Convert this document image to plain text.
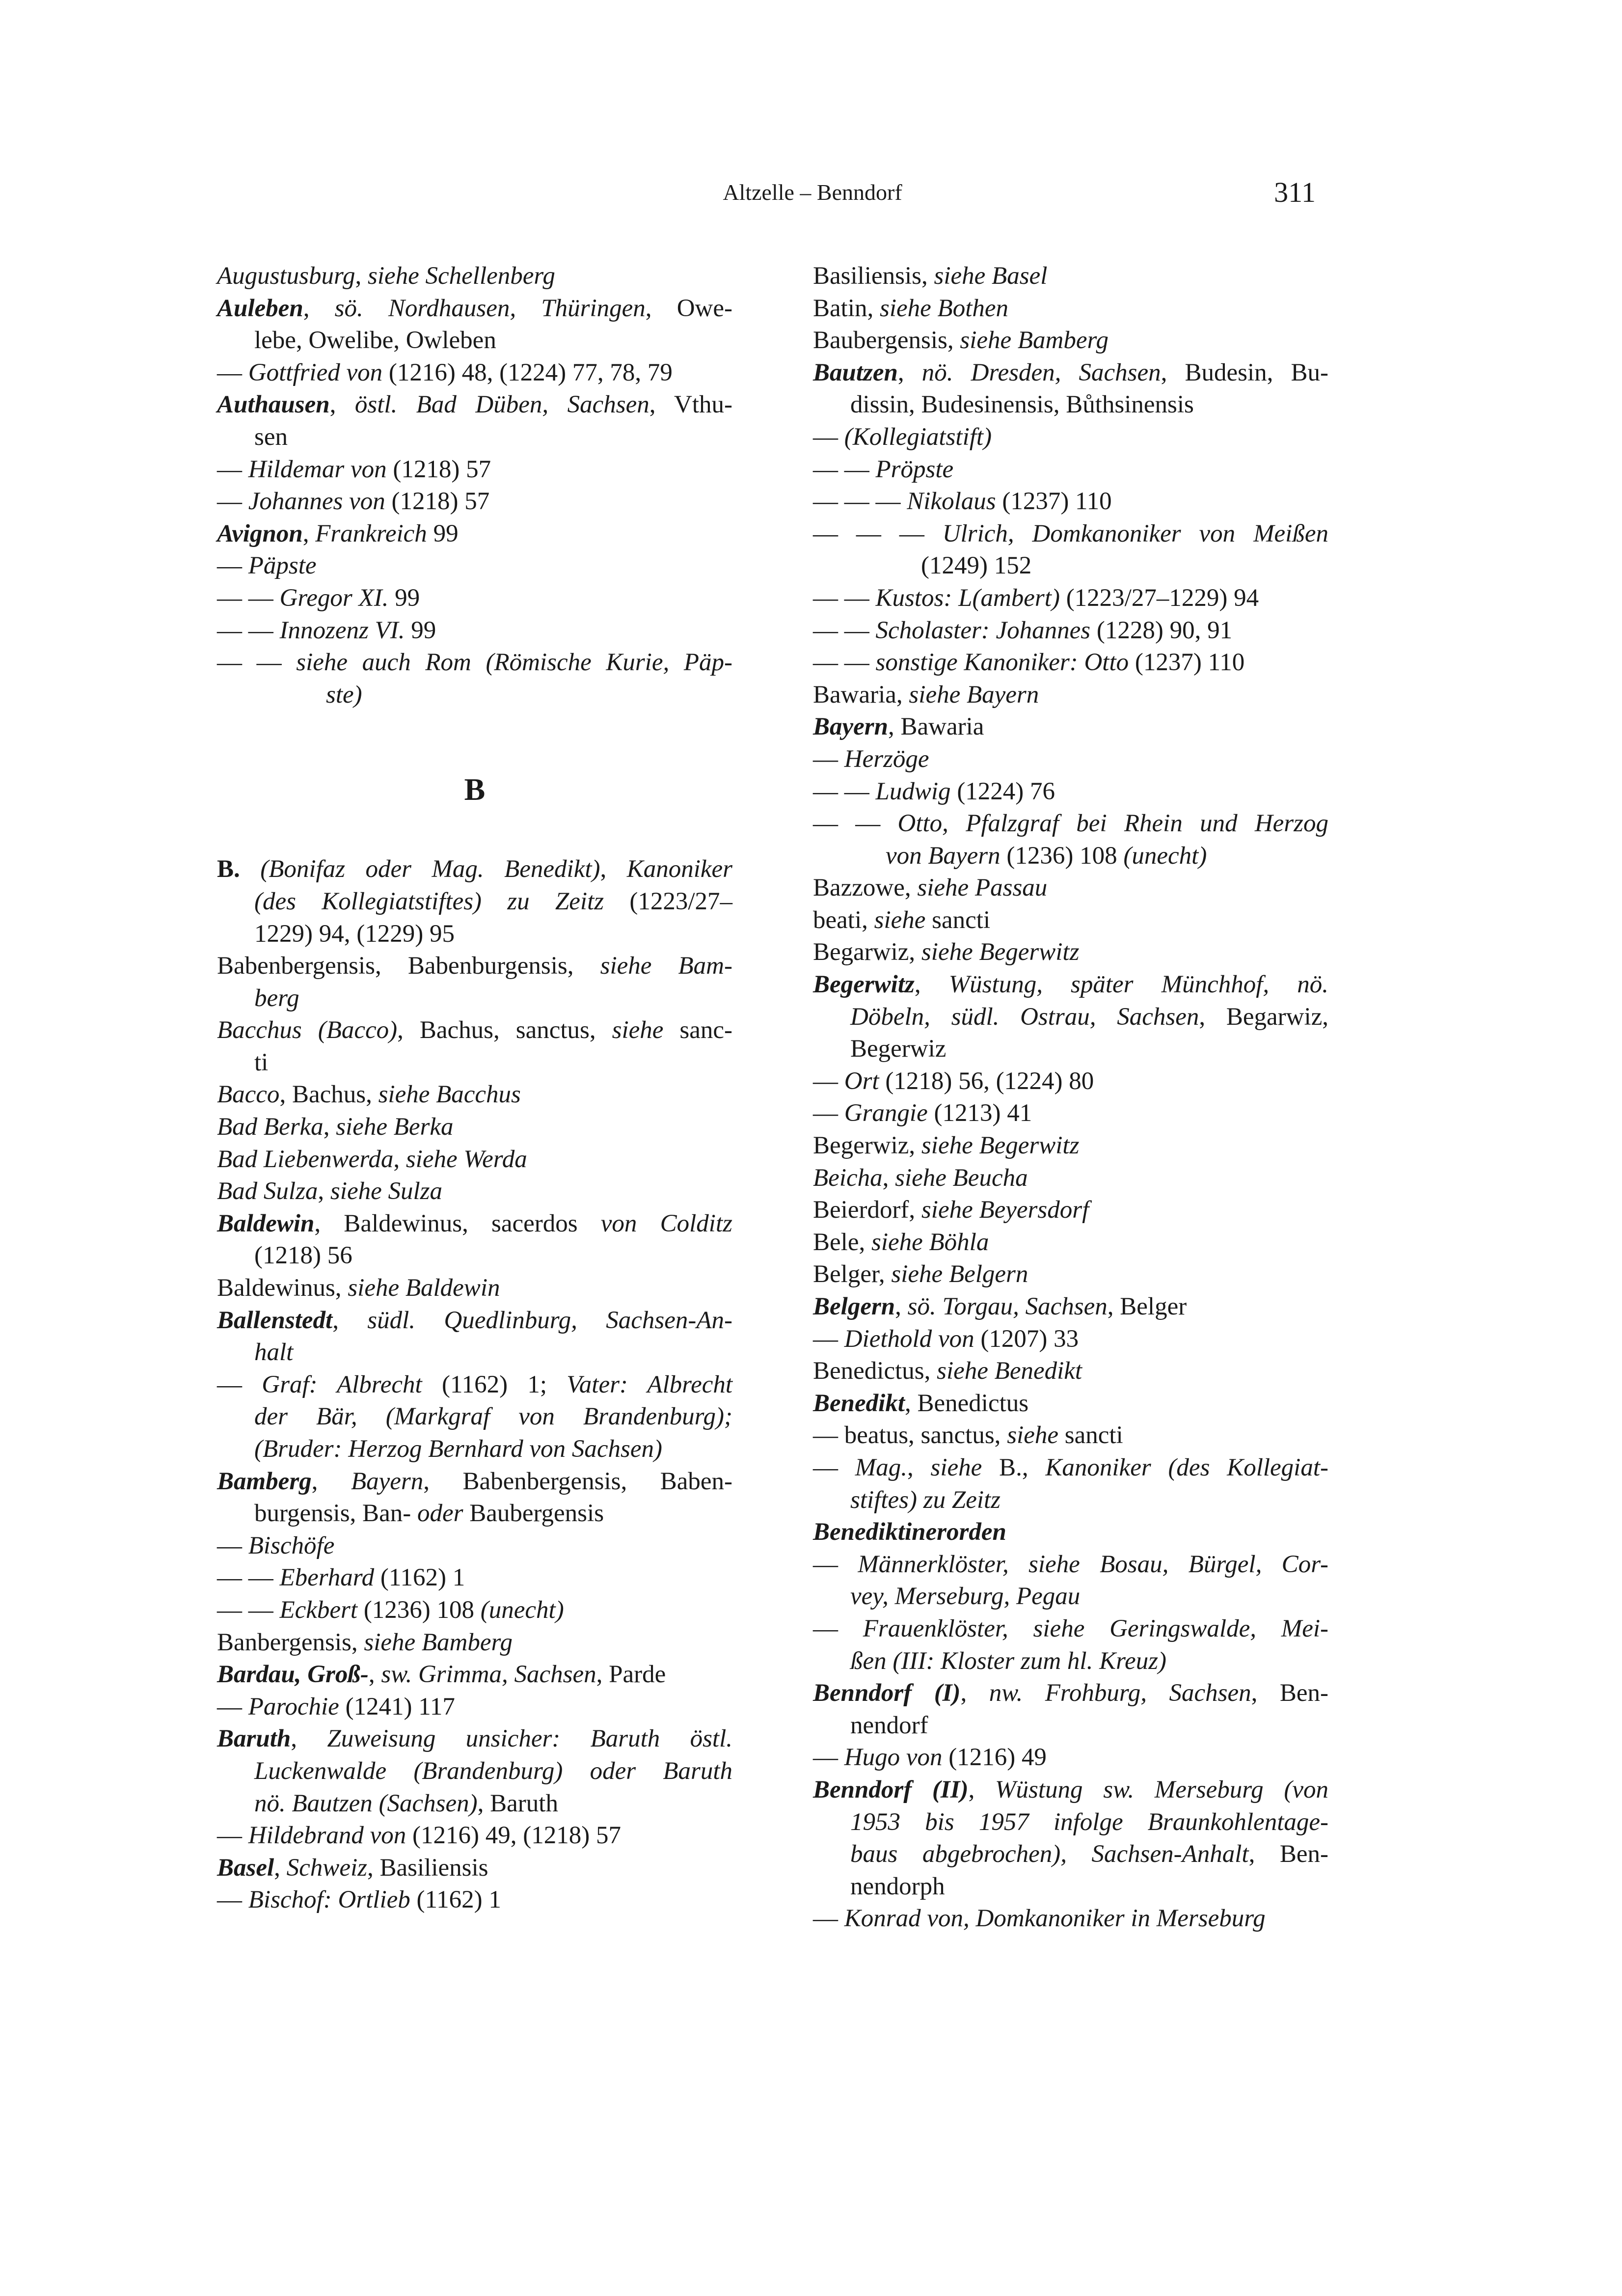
Altzelle – Benndorf	311
Augustusburg, siehe Schellenberg
Auleben, sö. Nordhausen, Thüringen, Owe-
lebe, Owelibe, Owleben
— Gottfried von (1216) 48, (1224) 77, 78, 79
Authausen, östl. Bad Düben, Sachsen, Vthu-
sen
— Hildemar von (1218) 57
— Johannes von (1218) 57
Avignon, Frankreich 99
— Päpste
— — Gregor XI. 99
— — Innozenz VI. 99
— — siehe auch Rom (Römische Kurie, Päp-
ste)
B
B. (Bonifaz oder Mag. Benedikt), Kanoniker
(des Kollegiatstiftes) zu Zeitz (1223/27–
1229) 94, (1229) 95
Babenbergensis, Babenburgensis, siehe Bam-
berg
Bacchus (Bacco), Bachus, sanctus, siehe sanc-
ti
Bacco, Bachus, siehe Bacchus
Bad Berka, siehe Berka
Bad Liebenwerda, siehe Werda
Bad Sulza, siehe Sulza
Baldewin, Baldewinus, sacerdos von Colditz
(1218) 56
Baldewinus, siehe Baldewin
Ballenstedt, südl. Quedlinburg, Sachsen-An-
halt
— Graf: Albrecht (1162) 1; Vater: Albrecht
der Bär, (Markgraf von Brandenburg);
(Bruder: Herzog Bernhard von Sachsen)
Bamberg, Bayern, Babenbergensis, Baben-
burgensis, Ban- oder Baubergensis
— Bischöfe
— — Eberhard (1162) 1
— — Eckbert (1236) 108 (unecht)
Banbergensis, siehe Bamberg
Bardau, Groß-, sw. Grimma, Sachsen, Parde
— Parochie (1241) 117
Baruth, Zuweisung unsicher: Baruth östl.
Luckenwalde (Brandenburg) oder Baruth
nö. Bautzen (Sachsen), Baruth
— Hildebrand von (1216) 49, (1218) 57
Basel, Schweiz, Basiliensis
— Bischof: Ortlieb (1162) 1
Basiliensis, siehe Basel
Batin, siehe Bothen
Baubergensis, siehe Bamberg
Bautzen, nö. Dresden, Sachsen, Budesin, Bu-
dissin, Budesinensis, Bůthsinensis
— (Kollegiatstift)
— — Pröpste
— — — Nikolaus (1237) 110
— — — Ulrich, Domkanoniker von Meißen
(1249) 152
— — Kustos: L(ambert) (1223/27–1229) 94
— — Scholaster: Johannes (1228) 90, 91
— — sonstige Kanoniker: Otto (1237) 110
Bawaria, siehe Bayern
Bayern, Bawaria
— Herzöge
— — Ludwig (1224) 76
— — Otto, Pfalzgraf bei Rhein und Herzog
von Bayern (1236) 108 (unecht)
Bazzowe, siehe Passau
beati, siehe sancti
Begarwiz, siehe Begerwitz
Begerwitz, Wüstung, später Münchhof, nö.
Döbeln, südl. Ostrau, Sachsen, Begarwiz,
Begerwiz
— Ort (1218) 56, (1224) 80
— Grangie (1213) 41
Begerwiz, siehe Begerwitz
Beicha, siehe Beucha
Beierdorf, siehe Beyersdorf
Bele, siehe Böhla
Belger, siehe Belgern
Belgern, sö. Torgau, Sachsen, Belger
— Diethold von (1207) 33
Benedictus, siehe Benedikt
Benedikt, Benedictus
— beatus, sanctus, siehe sancti
— Mag., siehe B., Kanoniker (des Kollegiat-
stiftes) zu Zeitz
Benediktinerorden
— Männerklöster, siehe Bosau, Bürgel, Cor-
vey, Merseburg, Pegau
— Frauenklöster, siehe Geringswalde, Mei-
ßen (III: Kloster zum hl. Kreuz)
Benndorf (I), nw. Frohburg, Sachsen, Ben-
nendorf
— Hugo von (1216) 49
Benndorf (II), Wüstung sw. Merseburg (von
1953 bis 1957 infolge Braunkohlentage-
baus abgebrochen), Sachsen-Anhalt, Ben-
nendorph
— Konrad von, Domkanoniker in Merseburg
